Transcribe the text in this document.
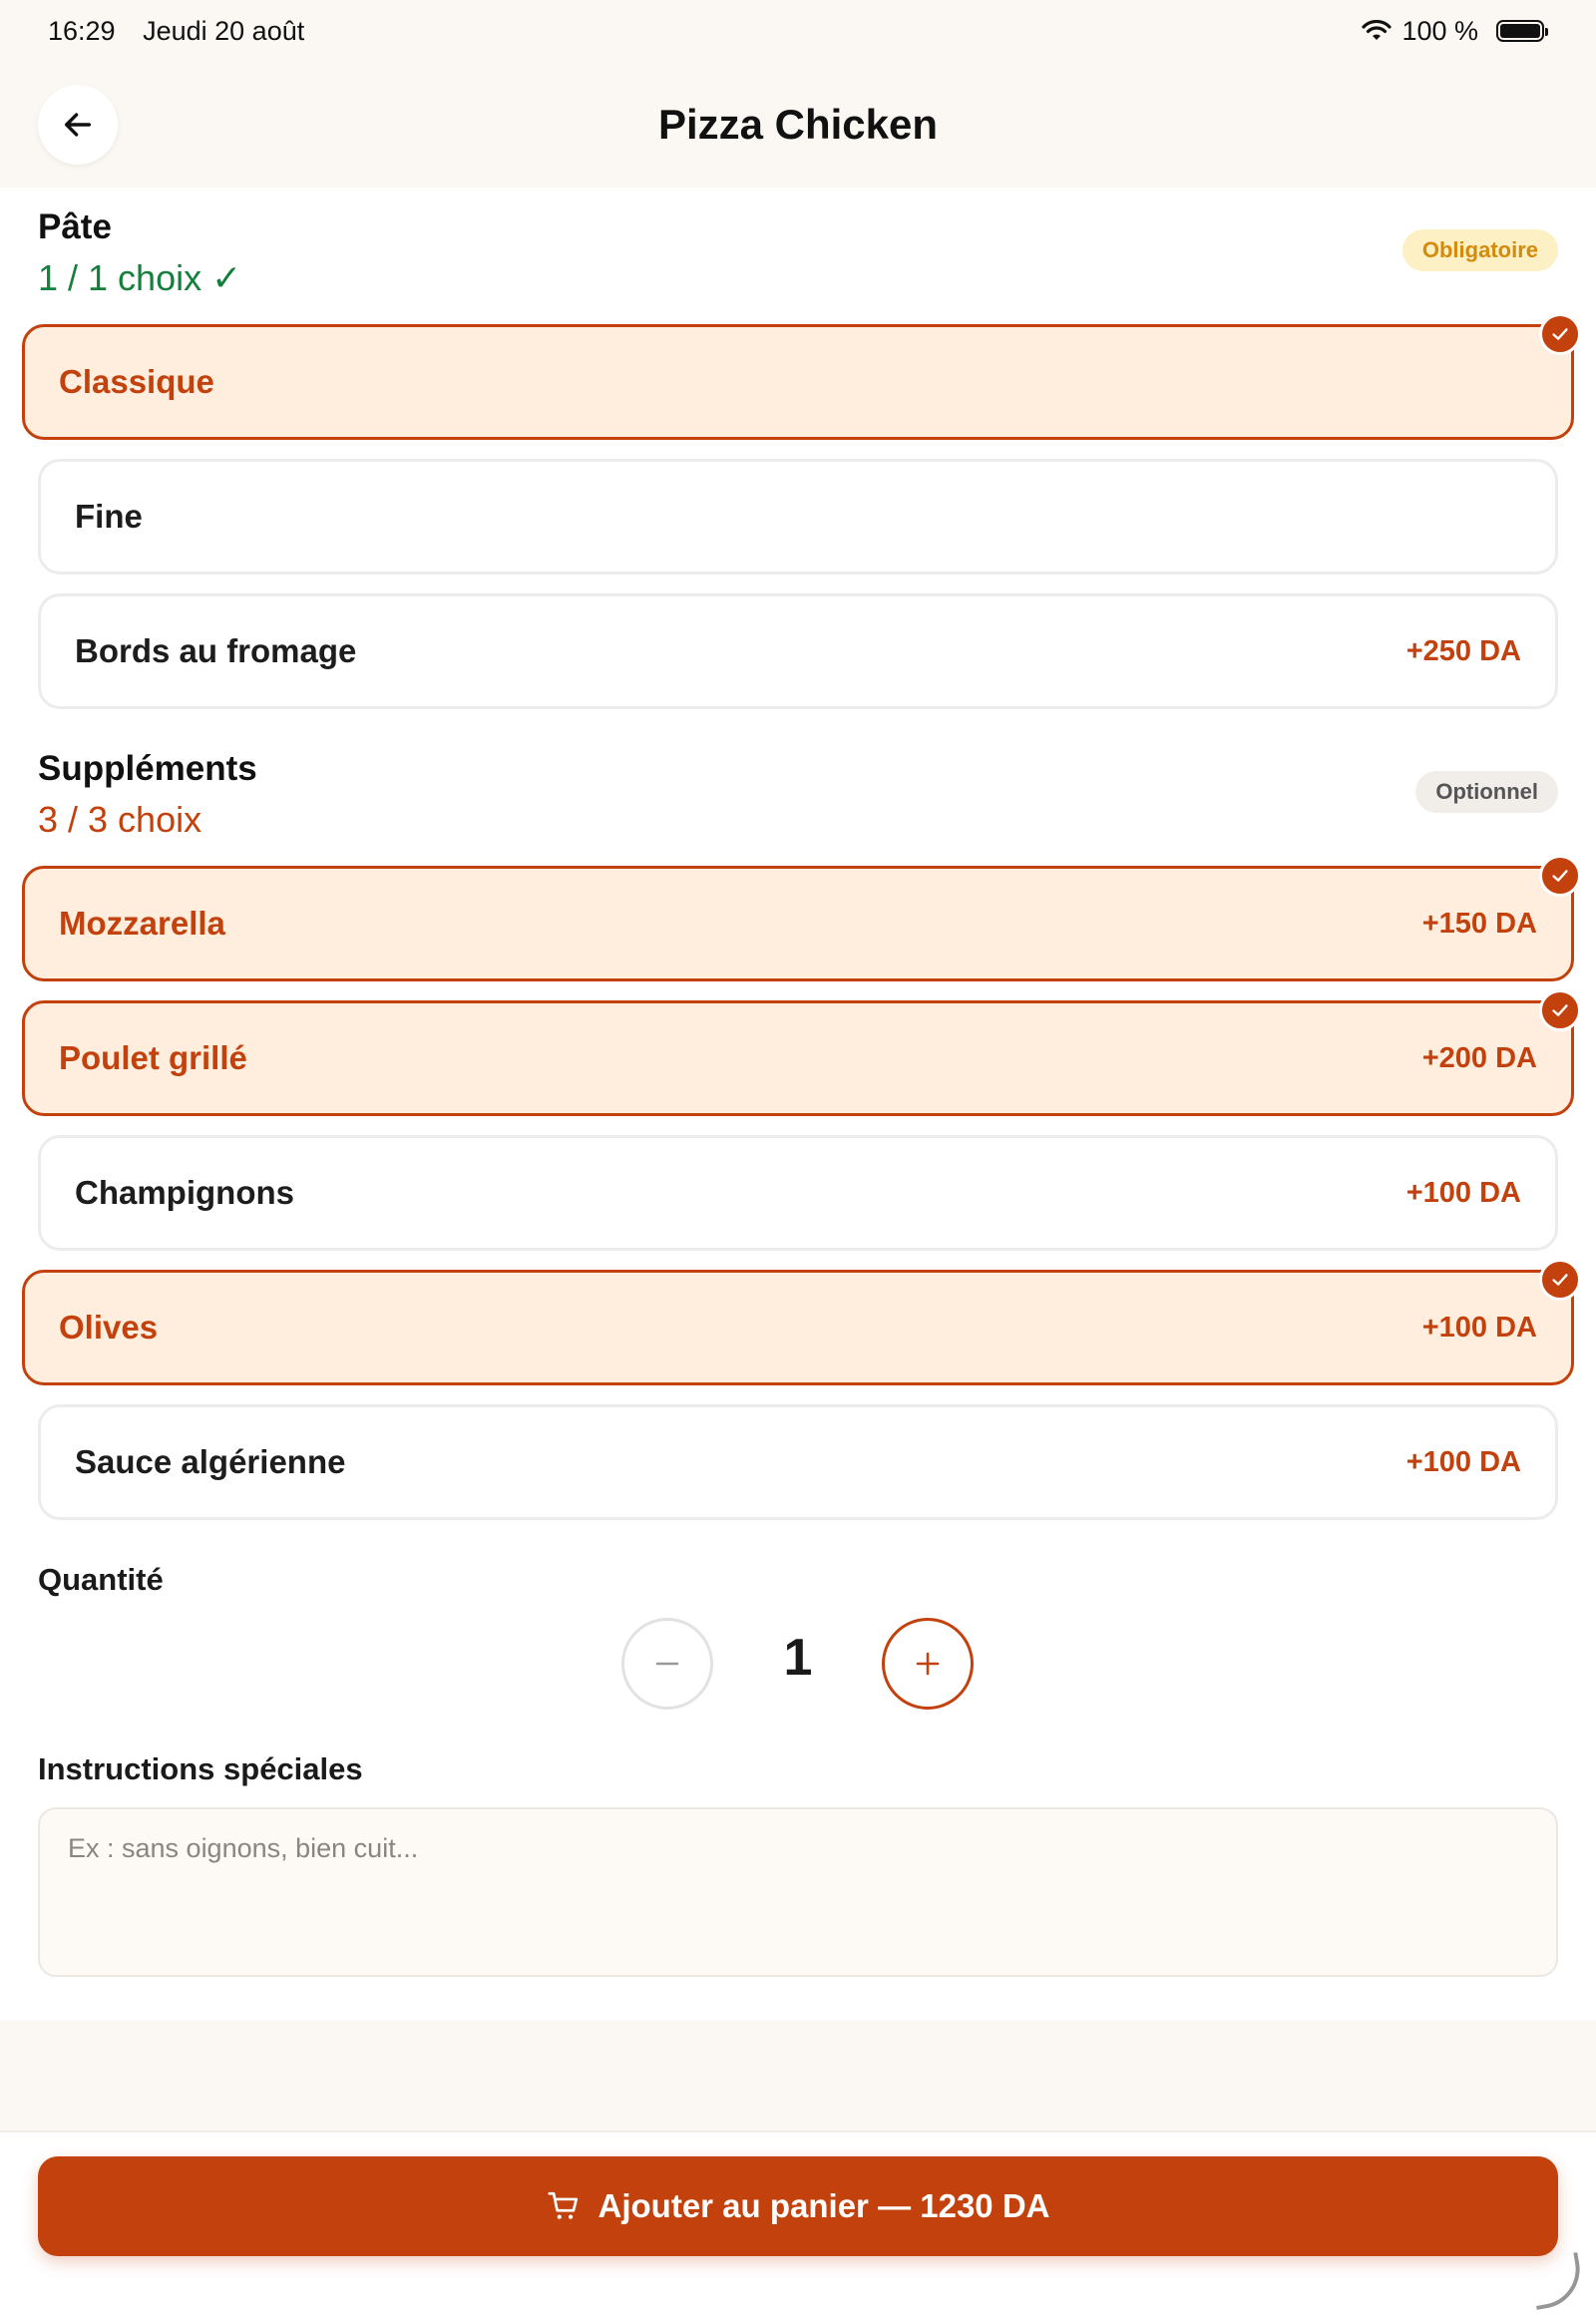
16:29 Jeudi 20 août	100 %
Pizza Chicken
Pâte
1 / 1 choix ✓
Obligatoire
Classique
Fine
Bords au fromage	+250 DA
Suppléments
3 / 3 choix
Optionnel
Mozzarella	+150 DA
Poulet grillé	+200 DA
Champignons	+100 DA
Olives	+100 DA
Sauce algérienne	+100 DA
Quantité
1
Instructions spéciales
Ex : sans oignons, bien cuit...
Ajouter au panier — 1230 DA
